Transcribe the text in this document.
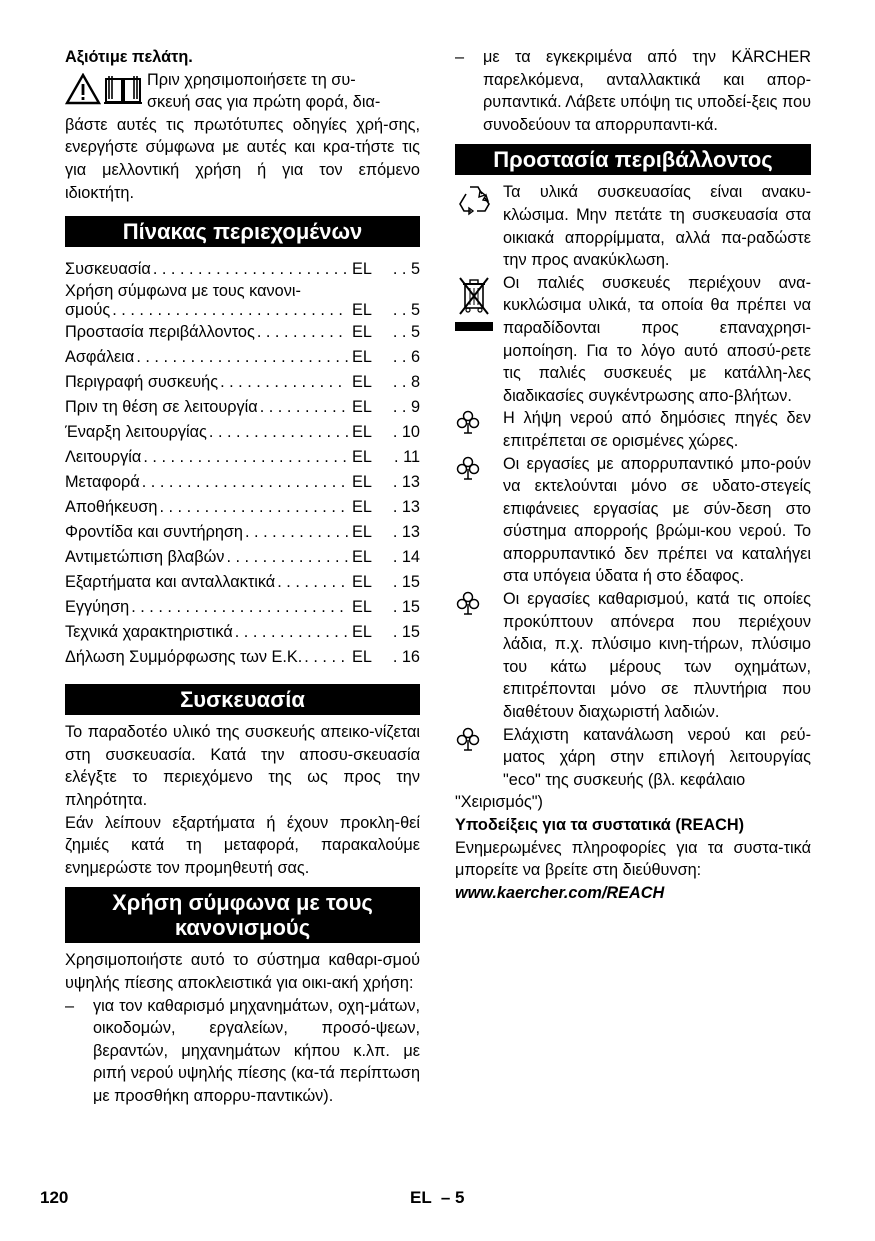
Αξιότιμε πελάτη.

Πριν χρησιμοποιήσετε τη συ-

σκευή σας για πρώτη φορά, δια-

βάστε αυτές τις πρωτότυπες οδηγίες χρή-σης, ενεργήστε σύμφωνα με αυτές και κρα-τήστε τις για μελλοντική χρήση ή για τον επόμενο ιδιοκτήτη.

Πίνακας περιεχομένων
Συσκευασία . . .	EL	. . 5
Χρήση σύμφωνα με τους κανονι-
σμούς . . .	EL	. . 5
Προστασία περιβάλλοντος . . .	EL	. . 5
Ασφάλεια . . .	EL	. . 6
Περιγραφή συσκευής . . .	EL	. . 8
Πριν τη θέση σε λειτουργία . . .	EL	. . 9
Έναρξη λειτουργίας . . .	EL	. 10
Λειτουργία . . .	EL	. 11
Μεταφορά . . .	EL	. 13
Αποθήκευση . . .	EL	. 13
Φροντίδα και συντήρηση . . .	EL	. 13
Αντιμετώπιση βλαβών . . .	EL	. 14
Εξαρτήματα και ανταλλακτικά . . .	EL	. 15
Εγγύηση . . .	EL	. 15
Τεχνικά χαρακτηριστικά . . .	EL	. 15
Δήλωση Συμμόρφωσης των Ε.Κ. . . .	EL	. 16
Συσκευασία

Το παραδοτέο υλικό της συσκευής απεικο-νίζεται στη συσκευασία. Κατά την αποσυ-σκευασία ελέγξτε το περιεχόμενο της ως προς την πληρότητα.

Εάν λείπουν εξαρτήματα ή έχουν προκλη-θεί ζημιές κατά τη μεταφορά, παρακαλούμε ενημερώστε τον προμηθευτή σας.

Χρήση σύμφωνα με τους
κανονισμούς

Χρησιμοποιήστε αυτό το σύστημα καθαρι-σμού υψηλής πίεσης αποκλειστικά για οικι-ακή χρήση:

–	για τον καθαρισμό μηχανημάτων, οχη-μάτων, οικοδομών, εργαλείων, προσό-ψεων, βεραντών, μηχανημάτων κήπου κ.λπ. με ριπή νερού υψηλής πίεσης (κα-τά περίπτωση με προσθήκη απορρυ-παντικών).

–	με τα εγκεκριμένα από την KÄRCHER παρελκόμενα, ανταλλακτικά και απορ-ρυπαντικά. Λάβετε υπόψη τις υποδεί-ξεις που συνοδεύουν τα απορρυπαντι-κά.

Προστασία περιβάλλοντος

Τα υλικά συσκευασίας είναι ανακυ-κλώσιμα. Μην πετάτε τη συσκευασία στα οικιακά απορρίμματα, αλλά πα-ραδώστε την προς ανακύκλωση.

Οι παλιές συσκευές περιέχουν ανα-κυκλώσιμα υλικά, τα οποία θα πρέπει να παραδίδονται προς επαναχρησι-μοποίηση. Για το λόγο αυτό αποσύ-ρετε τις παλιές συσκευές με κατάλλη-λες διαδικασίες συγκέντρωσης απο-βλήτων.

Η λήψη νερού από δημόσιες πηγές δεν επιτρέπεται σε ορισμένες χώρες.

Οι εργασίες με απορρυπαντικό μπο-ρούν να εκτελούνται μόνο σε υδατο-στεγείς επιφάνειες εργασίας με σύν-δεση στο σύστημα απορροής βρώμι-κου νερού. Το απορρυπαντικό δεν πρέπει να καταλήγει στα υπόγεια ύδατα ή στο έδαφος.

Οι εργασίες καθαρισμού, κατά τις οποίες προκύπτουν απόνερα που περιέχουν λάδια, π.χ. πλύσιμο κινη-τήρων, πλύσιμο του κάτω μέρους των οχημάτων, επιτρέπονται μόνο σε πλυντήρια που διαθέτουν διαχωριστή λαδιών.

Ελάχιστη κατανάλωση νερού και ρεύ-ματος χάρη στην επιλογή λειτουργίας "eco" της συσκευής (βλ. κεφάλαιο

"Χειρισμός")

Υποδείξεις για τα συστατικά (REACH)

Ενημερωμένες πληροφορίες για τα συστα-τικά μπορείτε να βρείτε στη διεύθυνση:

www.kaercher.com/REACH

120	EL  – 5
